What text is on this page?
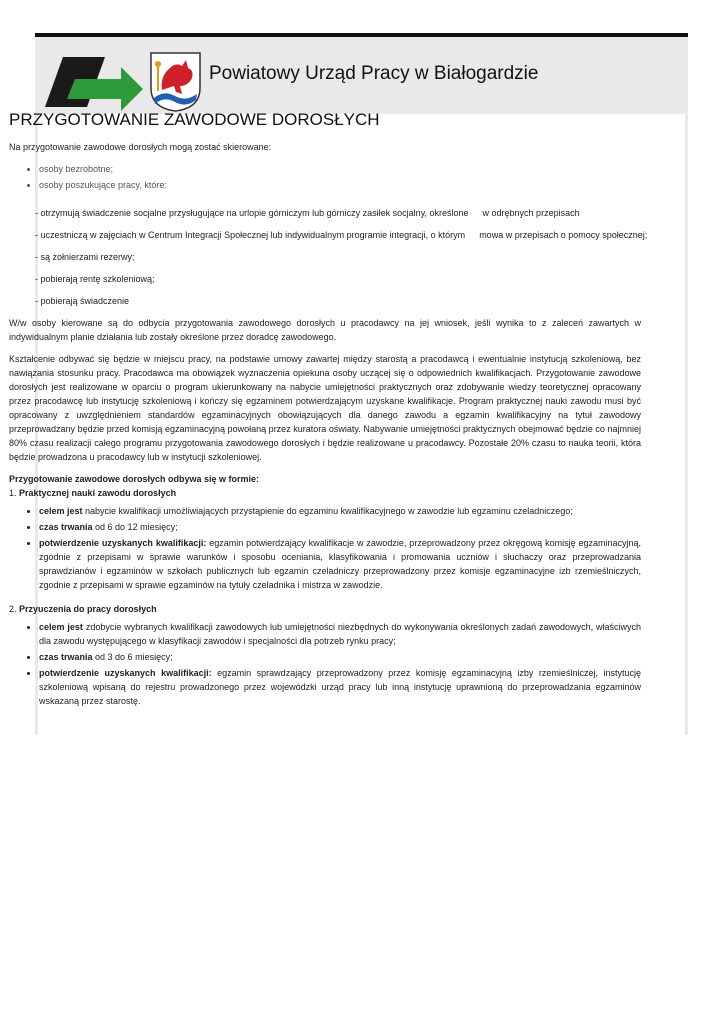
Powiatowy Urząd Pracy w Białogardzie
PRZYGOTOWANIE ZAWODOWE DOROSŁYCH

Na przygotowanie zawodowe dorosłych mogą zostać skierowane:

• osoby bezrobotne;
• osoby poszukujące pracy, które:
- otrzymują świadczenie socjalne przysługujące na urlopie górniczym lub górniczy zasiłek socjalny, określone w odrębnych przepisach
- uczestniczą w zajęciach w Centrum Integracji Społecznej lub indywidualnym programie integracji, o którym mowa w przepisach o pomocy społecznej;
- są żołnierzami rezerwy;
- pobierają rentę szkoleniową;
- pobierają świadczenie

W/w osoby kierowane są do odbycia przygotowania zawodowego dorosłych u pracodawcy na jej wniosek, jeśli wynika to z zaleceń zawartych w indywidualnym planie działania lub zostały określone przez doradcę zawodowego.

Kształcenie odbywać się będzie w miejscu pracy, na podstawie umowy zawartej między starostą a pracodawcą i ewentualnie instytucją szkoleniową, bez nawiązania stosunku pracy. Pracodawca ma obowiązek wyznaczenia opiekuna osoby uczącej się o odpowiednich kwalifikacjach. Przygotowanie zawodowe dorosłych jest realizowane w oparciu o program ukierunkowany na nabycie umiejętności praktycznych oraz zdobywanie wiedzy teoretycznej opracowany przez pracodawcę lub instytucję szkoleniową i kończy się egzaminem potwierdzającym uzyskane kwalifikacje. Program praktycznej nauki zawodu musi być opracowany z uwzględnieniem standardów egzaminacyjnych obowiązujących dla danego zawodu a egzamin kwalifikacyjny na tytuł zawodowy przeprowadzany będzie przed komisją egzaminacyjną powołaną przez kuratora oświaty. Nabywanie umiejętności praktycznych obejmować będzie co najmniej 80% czasu realizacji całego programu przygotowania zawodowego dorosłych i będzie realizowane u pracodawcy. Pozostałe 20% czasu to nauka teorii, która będzie prowadzona u pracodawcy lub w instytucji szkoleniowej.

Przygotowanie zawodowe dorosłych odbywa się w formie:

1. Praktycznej nauki zawodu dorosłych

• celem jest nabycie kwalifikacji umożliwiających przystąpienie do egzaminu kwalifikacyjnego w zawodzie lub egzaminu czeladniczego;
• czas trwania od 6 do 12 miesięcy;
• potwierdzenie uzyskanych kwalifikacji: egzamin potwierdzający kwalifikacje w zawodzie, przeprowadzony przez okręgową komisję egzaminacyjną, zgodnie z przepisami w sprawie warunków i sposobu oceniania, klasyfikowania i promowania uczniów i słuchaczy oraz przeprowadzania sprawdzianów i egzaminów w szkołach publicznych lub egzamin czeladniczy przeprowadzony przez komisje egzaminacyjne izb rzemieślniczych, zgodnie z przepisami w sprawie egzaminów na tytuły czeladnika i mistrza w zawodzie.

2. Przyuczenia do pracy dorosłych

• celem jest zdobycie wybranych kwalifikacji zawodowych lub umiejętności niezbędnych do wykonywania określonych zadań zawodowych, właściwych dla zawodu występującego w klasyfikacji zawodów i specjalności dla potrzeb rynku pracy;
• czas trwania od 3 do 6 miesięcy;
• potwierdzenie uzyskanych kwalifikacji: egzamin sprawdzający przeprowadzony przez komisję egzaminacyjną izby rzemieślniczej, instytucję szkoleniową wpisaną do rejestru prowadzonego przez wojewódzki urząd pracy lub inną instytucję uprawnioną do przeprowadzania egzaminów wskazaną przez starostę.
